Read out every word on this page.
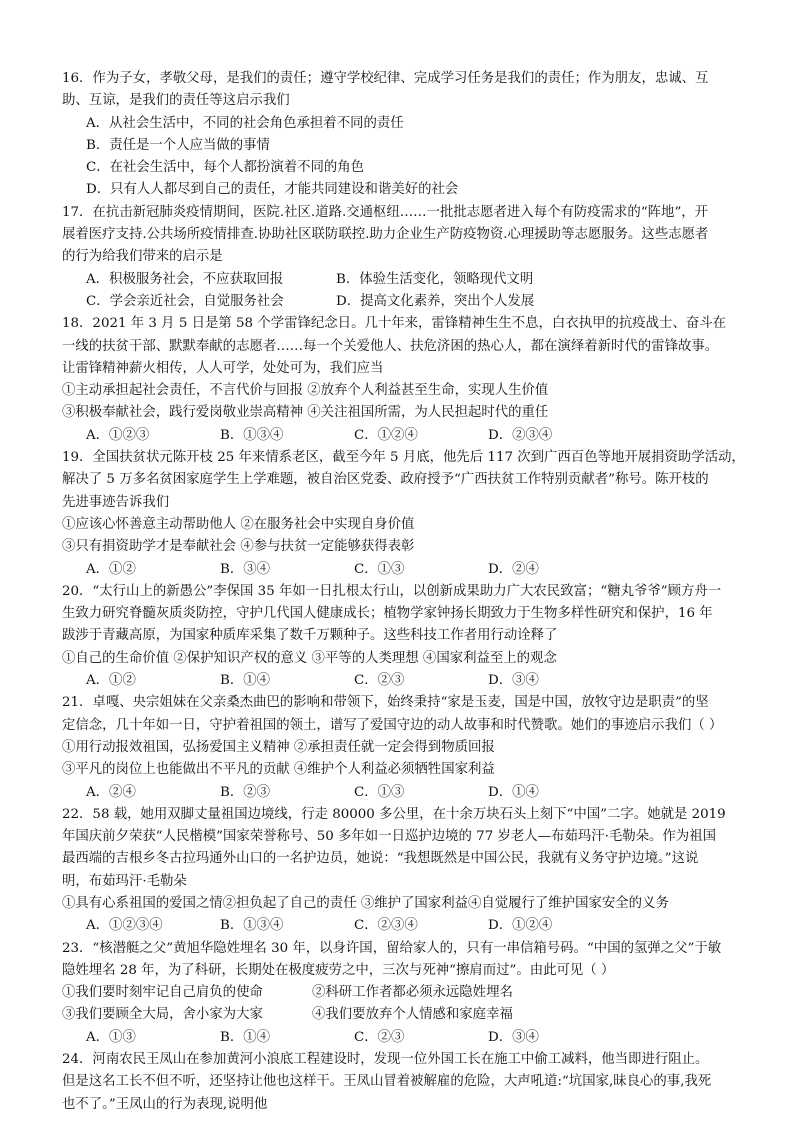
16．作为子女，孝敬父母，是我们的责任；遵守学校纪律、完成学习任务是我们的责任；作为朋友，忠诚、互
助、互谅，是我们的责任等这启示我们
A．从社会生活中，不同的社会角色承担着不同的责任
B．责任是一个人应当做的事情
C．在社会生活中，每个人都扮演着不同的角色
D．只有人人都尽到自己的责任，才能共同建设和谐美好的社会
17．在抗击新冠肺炎疫情期间，医院.社区.道路.交通枢纽……一批批志愿者进入每个有防疫需求的“阵地”，开
展着医疗支持.公共场所疫情排查.协助社区联防联控.助力企业生产防疫物资.心理援助等志愿服务。这些志愿者
的行为给我们带来的启示是
A．积极服务社会，不应获取回报	B．体验生活变化，领略现代文明
C．学会亲近社会，自觉服务社会	D．提高文化素养，突出个人发展
18．2021 年 3 月 5 日是第 58 个学雷锋纪念日。几十年来，雷锋精神生生不息，白衣执甲的抗疫战士、奋斗在
一线的扶贫干部、默默奉献的志愿者……每一个关爱他人、扶危济困的热心人，都在演绎着新时代的雷锋故事。
让雷锋精神薪火相传，人人可学，处处可为，我们应当
①主动承担起社会责任，不言代价与回报 ②放弃个人利益甚至生命，实现人生价值
③积极奉献社会，践行爱岗敬业崇高精神 ④关注祖国所需，为人民担起时代的重任
A．①②③	B．①③④	C．①②④	D．②③④
19．全国扶贫状元陈开枝 25 年来情系老区，截至今年 5 月底，他先后 117 次到广西百色等地开展捐资助学活动，
解决了 5 万多名贫困家庭学生上学难题，被自治区党委、政府授予“广西扶贫工作特别贡献者”称号。陈开枝的
先进事迹告诉我们
①应该心怀善意主动帮助他人 ②在服务社会中实现自身价值
③只有捐资助学才是奉献社会 ④参与扶贫一定能够获得表彰
A．①②	B．③④	C．①③	D．②④
20．“太行山上的新愚公”李保国 35 年如一日扎根太行山，以创新成果助力广大农民致富；“糖丸爷爷”顾方舟一
生致力研究脊髓灰质炎防控，守护几代国人健康成长；植物学家钟扬长期致力于生物多样性研究和保护，16 年
跋涉于青藏高原，为国家种质库采集了数千万颗种子。这些科技工作者用行动诠释了
①自己的生命价值 ②保护知识产权的意义 ③平等的人类理想 ④国家利益至上的观念
A．①②	B．①④	C．②③	D．③④
21．卓嘎、央宗姐妹在父亲桑杰曲巴的影响和带领下，始终秉持“家是玉麦，国是中国，放牧守边是职责”的坚
定信念，几十年如一日，守护着祖国的领土，谱写了爱国守边的动人故事和时代赞歌。她们的事迹启示我们（ ）
①用行动报效祖国，弘扬爱国主义精神 ②承担责任就一定会得到物质回报
③平凡的岗位上也能做出不平凡的贡献 ④维护个人利益必须牺牲国家利益
A．②④	B．②③	C．①③	D．①④
22．58 载，她用双脚丈量祖国边境线，行走 80000 多公里，在十余万块石头上刻下“中国”二字。她就是 2019
年国庆前夕荣获“人民楷模”国家荣誉称号、50 多年如一日巡护边境的 77 岁老人—布茹玛汗·毛勒朵。作为祖国
最西端的吉根乡冬古拉玛通外山口的一名护边员，她说：“我想既然是中国公民，我就有义务守护边境。”这说
明，布茹玛汗·毛勒朵
①具有心系祖国的爱国之情②担负起了自己的责任 ③维护了国家利益④自觉履行了维护国家安全的义务
A．①②③④	B．①③④	C．②③④	D．①②④
23．“核潜艇之父”黄旭华隐姓埋名 30 年，以身许国，留给家人的，只有一串信箱号码。“中国的氢弹之父”于敏
隐姓埋名 28 年，为了科研，长期处在极度疲劳之中，三次与死神“擦肩而过”。由此可见（ ）
①我们要时刻牢记自己肩负的使命	②科研工作者都必须永远隐姓埋名
③我们要顾全大局，舍小家为大家	④我们要放弃个人情感和家庭幸福
A．①③	B．①④	C．②③	D．③④
24．河南农民王凤山在参加黄河小浪底工程建设时，发现一位外国工长在施工中偷工减料，他当即进行阻止。
但是这名工长不但不听，还坚持让他也这样干。王凤山冒着被解雇的危险，大声吼道:“坑国家,昧良心的事,我死
也不了。”王凤山的行为表现,说明他
